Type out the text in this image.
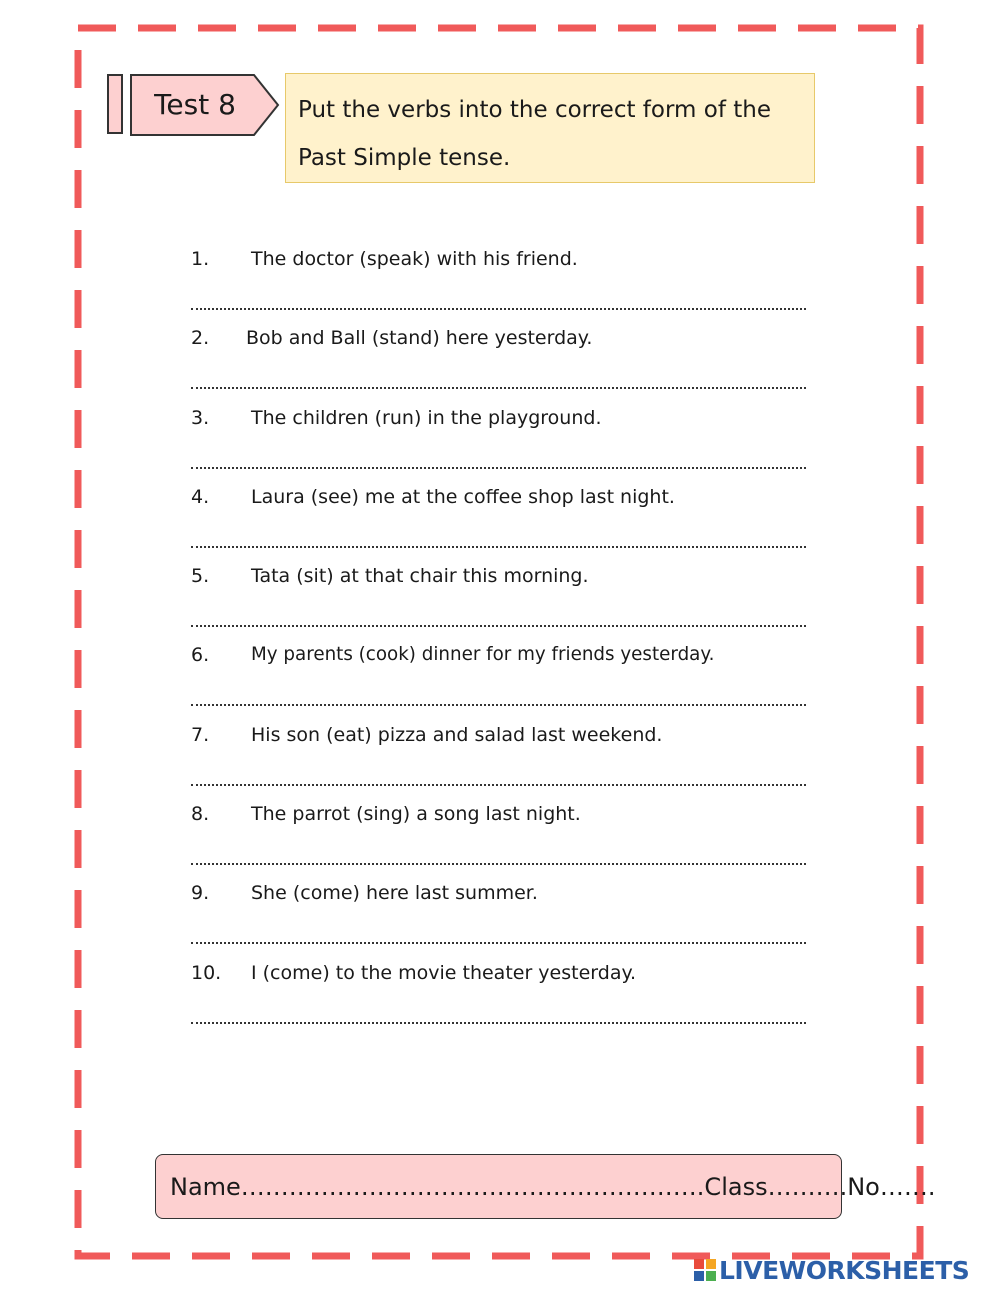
Test 8	Put the verbs into the correct form of the Past Simple tense.
1. The doctor (speak) with his friend.
2. Bob and Ball (stand) here yesterday.
3. The children (run) in the playground.
4. Laura (see) me at the coffee shop last night.
5. Tata (sit) at that chair this morning.
6. My parents (cook) dinner for my friends yesterday.
7. His son (eat) pizza and salad last weekend.
8. The parrot (sing) a song last night.
9. She (come) here last summer.
10. I (come) to the movie theater yesterday.
Name………………………………………………….Class……….No…….
LIVEWORKSHEETS
